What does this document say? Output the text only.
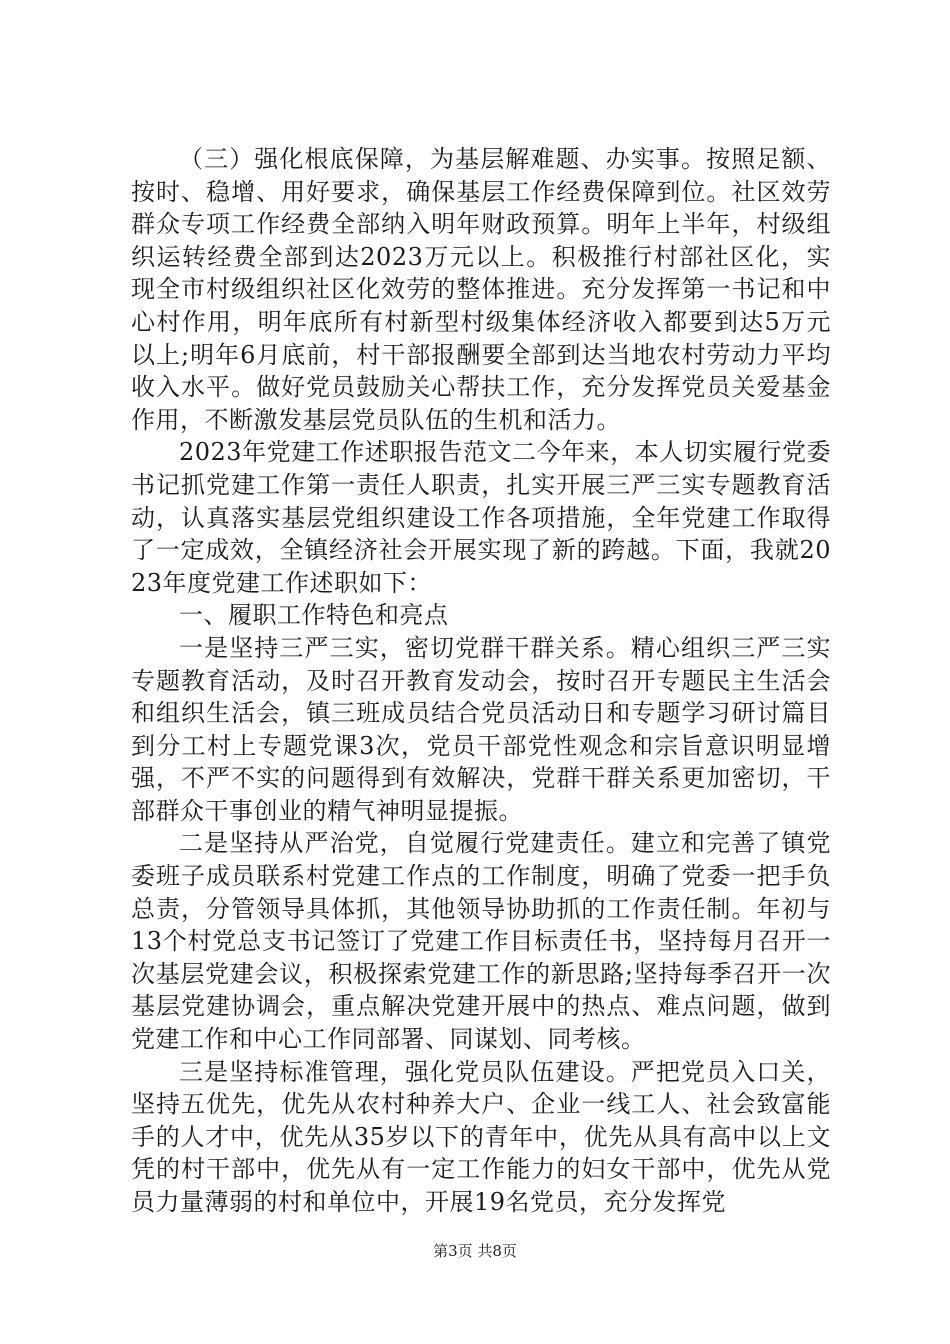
（三）强化根底保障，为基层解难题、办实事。按照足额、按时、稳增、用好要求，确保基层工作经费保障到位。社区效劳群众专项工作经费全部纳入明年财政预算。明年上半年，村级组织运转经费全部到达2023万元以上。积极推行村部社区化，实现全市村级组织社区化效劳的整体推进。充分发挥第一书记和中心村作用，明年底所有村新型村级集体经济收入都要到达5万元以上;明年6月底前，村干部报酬要全部到达当地农村劳动力平均收入水平。做好党员鼓励关心帮扶工作，充分发挥党员关爱基金作用，不断激发基层党员队伍的生机和活力。

2023年党建工作述职报告范文二今年来，本人切实履行党委书记抓党建工作第一责任人职责，扎实开展三严三实专题教育活动，认真落实基层党组织建设工作各项措施，全年党建工作取得了一定成效，全镇经济社会开展实现了新的跨越。下面，我就2023年度党建工作述职如下：

一、履职工作特色和亮点

一是坚持三严三实，密切党群干群关系。精心组织三严三实专题教育活动，及时召开教育发动会，按时召开专题民主生活会和组织生活会，镇三班成员结合党员活动日和专题学习研讨篇目到分工村上专题党课3次，党员干部党性观念和宗旨意识明显增强，不严不实的问题得到有效解决，党群干群关系更加密切，干部群众干事创业的精气神明显提振。

二是坚持从严治党，自觉履行党建责任。建立和完善了镇党委班子成员联系村党建工作点的工作制度，明确了党委一把手负总责，分管领导具体抓，其他领导协助抓的工作责任制。年初与13个村党总支书记签订了党建工作目标责任书，坚持每月召开一次基层党建会议，积极探索党建工作的新思路;坚持每季召开一次基层党建协调会，重点解决党建开展中的热点、难点问题，做到党建工作和中心工作同部署、同谋划、同考核。

三是坚持标准管理，强化党员队伍建设。严把党员入口关，坚持五优先，优先从农村种养大户、企业一线工人、社会致富能手的人才中，优先从35岁以下的青年中，优先从具有高中以上文凭的村干部中，优先从有一定工作能力的妇女干部中，优先从党员力量薄弱的村和单位中，开展19名党员，充分发挥党

第3页 共8页
